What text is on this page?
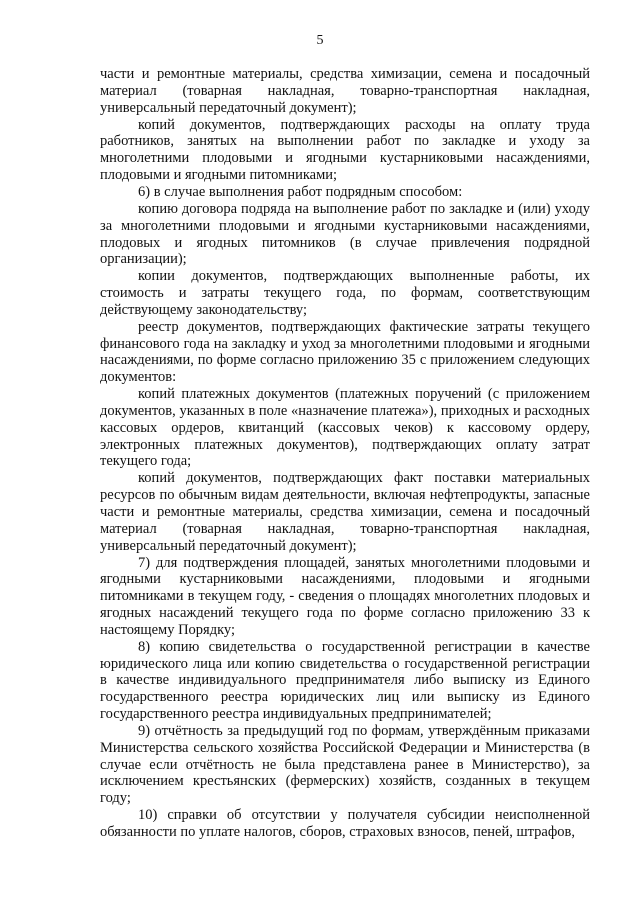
5

части и ремонтные материалы, средства химизации, семена и посадочный материал (товарная накладная, товарно-транспортная накладная, универсальный передаточный документ);

копий документов, подтверждающих расходы на оплату труда работников, занятых на выполнении работ по закладке и уходу за многолетними плодовыми и ягодными кустарниковыми насаждениями, плодовыми и ягодными питомниками;

6) в случае выполнения работ подрядным способом:

копию договора подряда на выполнение работ по закладке и (или) уходу за многолетними плодовыми и ягодными кустарниковыми насаждениями, плодовых и ягодных питомников (в случае привлечения подрядной организации);

копии документов, подтверждающих выполненные работы, их стоимость и затраты текущего года, по формам, соответствующим действующему законодательству;

реестр документов, подтверждающих фактические затраты текущего финансового года на закладку и уход за многолетними плодовыми и ягодными насаждениями, по форме согласно приложению 35 с приложением следующих документов:

копий платежных документов (платежных поручений (с приложением документов, указанных в поле «назначение платежа»), приходных и расходных кассовых ордеров, квитанций (кассовых чеков) к кассовому ордеру, электронных платежных документов), подтверждающих оплату затрат текущего года;

копий документов, подтверждающих факт поставки материальных ресурсов по обычным видам деятельности, включая нефтепродукты, запасные части и ремонтные материалы, средства химизации, семена и посадочный материал (товарная накладная, товарно-транспортная накладная, универсальный передаточный документ);

7) для подтверждения площадей, занятых многолетними плодовыми и ягодными кустарниковыми насаждениями, плодовыми и ягодными питомниками в текущем году, - сведения о площадях многолетних плодовых и ягодных насаждений текущего года по форме согласно приложению 33 к настоящему Порядку;

8) копию свидетельства о государственной регистрации в качестве юридического лица или копию свидетельства о государственной регистрации в качестве индивидуального предпринимателя либо выписку из Единого государственного реестра юридических лиц или выписку из Единого государственного реестра индивидуальных предпринимателей;

9) отчётность за предыдущий год по формам, утверждённым приказами Министерства сельского хозяйства Российской Федерации и Министерства (в случае если отчётность не была представлена ранее в Министерство), за исключением крестьянских (фермерских) хозяйств, созданных в текущем году;

10) справки об отсутствии у получателя субсидии неисполненной обязанности по уплате налогов, сборов, страховых взносов, пеней, штрафов,
